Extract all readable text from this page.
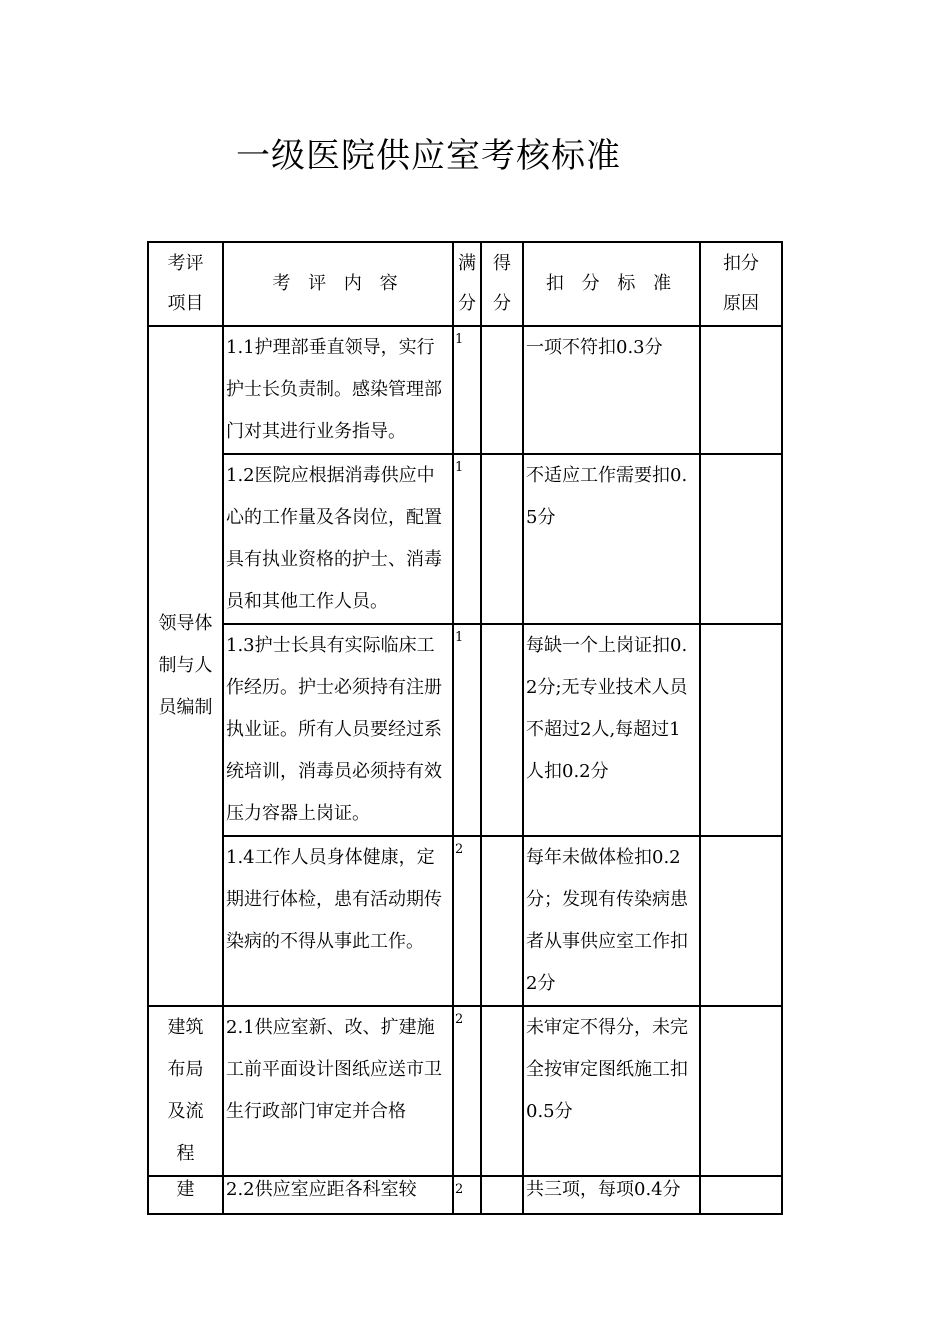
一级医院供应室考核标准
考评项目	考 评 内 容	满分	得分	扣 分 标 准	扣分原因
领导体制与人员编制	1.1护理部垂直领导，实行护士长负责制。感染管理部门对其进行业务指导。	1		一项不符扣0.3分	
	1.2医院应根据消毒供应中心的工作量及各岗位，配置具有执业资格的护士、消毒员和其他工作人员。	1		不适应工作需要扣0.5分	
	1.3护士长具有实际临床工作经历。护士必须持有注册执业证。所有人员要经过系统培训，消毒员必须持有效压力容器上岗证。	1		每缺一个上岗证扣0.2分;无专业技术人员不超过2人,每超过1人扣0.2分	
	1.4工作人员身体健康，定期进行体检，患有活动期传染病的不得从事此工作。	2		每年未做体检扣0.2分；发现有传染病患者从事供应室工作扣2分	
建筑布局及流程	2.1供应室新、改、扩建施工前平面设计图纸应送市卫生行政部门审定并合格	2		未审定不得分，未完全按审定图纸施工扣0.5分	
建	2.2供应室应距各科室较	2		共三项，每项0.4分	
